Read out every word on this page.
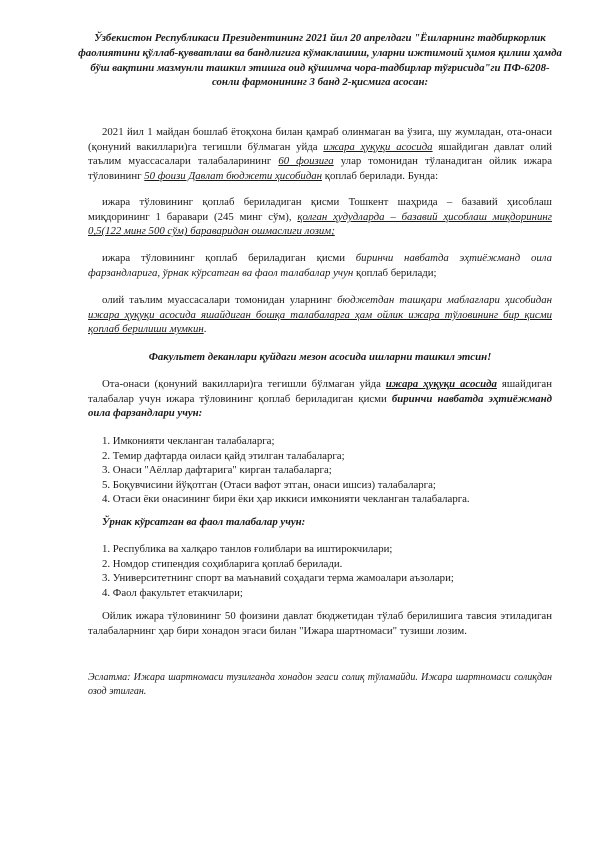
Ўзбекистон Республикаси Президентининг 2021 йил 20 апрелдаги "Ёшларнинг тадбиркорлик фаолиятини қўллаб-қувватлаш ва бандлигига кўмаклашиш, уларни ижтимоий ҳимоя қилиш ҳамда бўш вақтини мазмунли ташкил этишга оид қўшимча чора-тадбирлар тўғрисида"ги ПФ-6208-сонли фармонининг 3 банд 2-қисмига асосан:

2021 йил 1 майдан бошлаб ётоқхона билан қамраб олинмаган ва ўзига, шу жумладан, ота-онаси (қонуний вакиллари)га тегишли бўлмаган уйда ижара ҳуқуқи асосида яшайдиган давлат олий таълим муассасалари талабаларининг 60 фоизига улар томонидан тўланадиган ойлик ижара тўловининг 50 фоизи Давлат бюджети ҳисобидан қоплаб берилади. Бунда:

ижара тўловининг қоплаб бериладиган қисми Тошкент шаҳрида – базавий ҳисоблаш миқдорининг 1 баравари (245 минг сўм), қолган ҳудудларда – базавий ҳисоблаш миқдорининг 0,5(122 минг 500 сўм) бараваридан ошмаслиги лозим;

ижара тўловининг қоплаб бериладиган қисми биринчи навбатда эҳтиёжманд оила фарзандларига, ўрнак кўрсатган ва фаол талабалар учун қоплаб берилади;

олий таълим муассасалари томонидан уларнинг бюджетдан ташқари маблағлари ҳисобидан ижара ҳуқуқи асосида яшайдиган бошқа талабаларга ҳам ойлик ижара тўловининг бир қисми қоплаб берилиши мумкин.

Факультет деканлари қуйдаги мезон асосида ишларни ташкил этсин!

Ота-онаси (қонуний вакиллари)га тегишли бўлмаган уйда ижара ҳуқуқи асосида яшайдиган талабалар учун ижара тўловининг қоплаб бериладиган қисми биринчи навбатда эҳтиёжманд оила фарзандлари учун:

1. Имконияти чекланган талабаларга;
2. Темир дафтарда оиласи қайд этилган талабаларга;
3. Онаси "Аёллар дафтарига" кирган талабаларга;
5. Боқувчисини йўқотган (Отаси вафот этган, онаси ишсиз) талабаларга;
4. Отаси ёки онасининг бири ёки ҳар иккиси имконияти чекланган талабаларга.

Ўрнак кўрсатган ва фаол талабалар учун:

1. Республика ва халқаро танлов ғолиблари ва иштирокчилари;
2. Номдор стипендия соҳибларига қоплаб берилади.
3. Университетнинг спорт ва маънавий соҳадаги терма жамоалари аъзолари;
4. Фаол факультет етакчилари;

Ойлик ижара тўловининг 50 фоизини давлат бюджетидан тўлаб берилишига тавсия этиладиган талабаларнинг ҳар бири хонадон эгаси билан "Ижара шартномаси" тузиши лозим.

Эслатма: Ижара шартномаси тузилганда хонадон эгаси солиқ тўламайди. Ижара шартномаси солиқдан озод этилган.
